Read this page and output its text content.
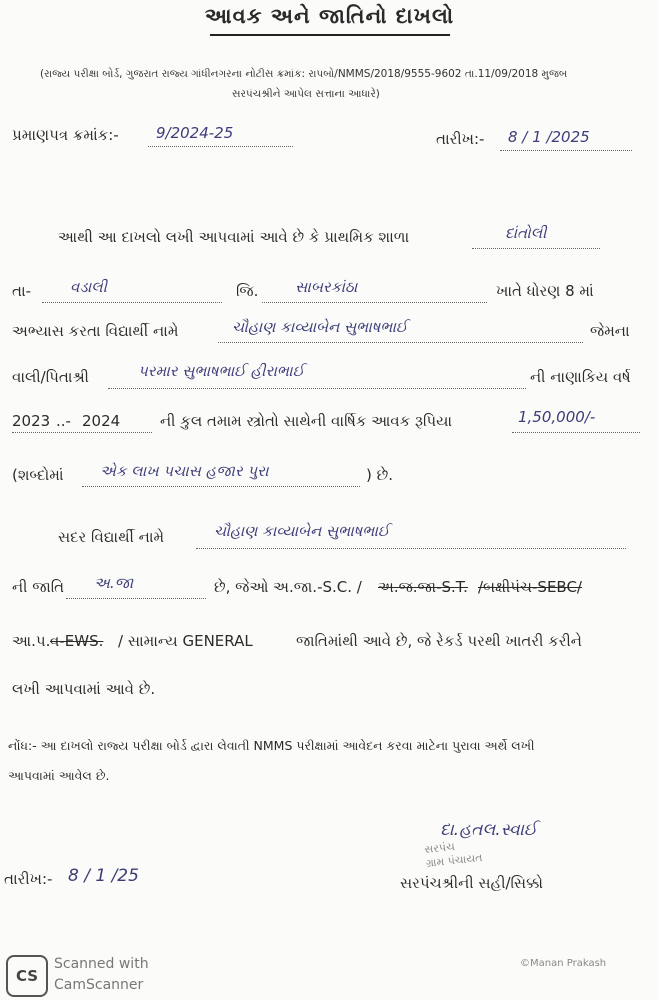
આવક અને જાતિનો દાખલો
(રાજ્ય પરીક્ષા બોર્ડ, ગુજરાત રાજ્ય ગાંધીનગરના નોટીસ ક્રમાંક: રાપબો/NMMS/2018/9555-9602 તા.11/09/2018 મુજબ
સરપંચશ્રીને આપેલ સત્તાના આધારે)
પ્રમાણપત્ર ક્રમાંક:- 9/2024-25	તારીખ:- 8 / 1 /2025
આથી આ દાખલો લખી આપવામાં આવે છે કે પ્રાથમિક શાળા	દાંતોલી
તા-	વડાલી	જિ. સાબરકાંઠા	ખાતે ધોરણ 8 માં
અભ્યાસ કરતા વિદ્યાર્થી નામે	ચૌહાણ કાવ્યાબેન સુભાષભાઈ	જેમના
વાલી/પિતાશ્રી	પરમાર સુભાષભાઈ હીરાભાઈ	ની નાણાકિય વર્ષ
2023 ..- 2024	ની કુલ તમામ સ્ત્રોતો સાથેની વાર્ષિક આવક રૂપિયા	1,50,000/-
(શબ્દોમાં એક લાખ પચાસ હજાર પુરા	) છે.
સદર વિદ્યાર્થી નામે	ચૌહાણ કાવ્યાબેન સુભાષભાઈ
ની જાતિ અ.જા	છે, જેઓ અ.જા.-S.C. / અ.જ.જા-S.T. /બક્ષીપંચ-SEBC/
આ.પ. વ-EWS. / સામાન્ય GENERAL	જાતિમાંથી આવે છે, જે રેકર્ડ પરથી ખાતરી કરીને
લખી આપવામાં આવે છે.
નોંધ:- આ દાખલો રાજ્ય પરીક્ષા બોર્ડ દ્વારા લેવાતી NMMS પરીક્ષામાં આવેદન કરવા માટેના પુરાવા અર્થે લખી
આપવામાં આવેલ છે.
તારીખ:- 8 / 1 /25
દા.હતલ.સ્વાઈ
સરપંચ
ગ્રામ પંચાયત
સરપંચશ્રીની સહી/સિક્કો
CS
Scanned with
CamScanner
©Manan Prakash
